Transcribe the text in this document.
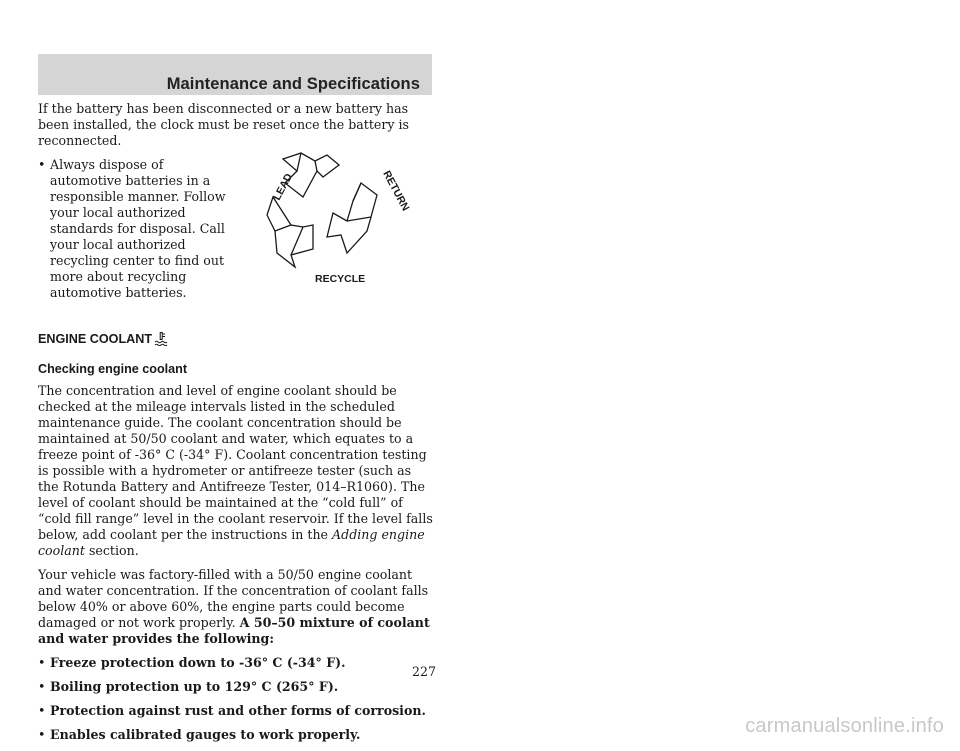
Maintenance and Specifications

If the battery has been disconnected or a new battery has been installed, the clock must be reset once the battery is reconnected.

• Always dispose of automotive batteries in a responsible manner. Follow your local authorized standards for disposal. Call your local authorized recycling center to find out more about recycling automotive batteries.
LEAD	RETURN
RECYCLE
ENGINE COOLANT
Checking engine coolant

The concentration and level of engine coolant should be checked at the mileage intervals listed in the scheduled maintenance guide. The coolant concentration should be maintained at 50/50 coolant and water, which equates to a freeze point of -36° C (-34° F). Coolant concentration testing is possible with a hydrometer or antifreeze tester (such as the Rotunda Battery and Antifreeze Tester, 014–R1060). The level of coolant should be maintained at the “cold full” of “cold fill range” level in the coolant reservoir. If the level falls below, add coolant per the instructions in the Adding engine coolant section.

Your vehicle was factory-filled with a 50/50 engine coolant and water concentration. If the concentration of coolant falls below 40% or above 60%, the engine parts could become damaged or not work properly. A 50–50 mixture of coolant and water provides the following:

• Freeze protection down to -36° C (-34° F).
• Boiling protection up to 129° C (265° F).
• Protection against rust and other forms of corrosion.
• Enables calibrated gauges to work properly.
227
carmanualsonline.info
